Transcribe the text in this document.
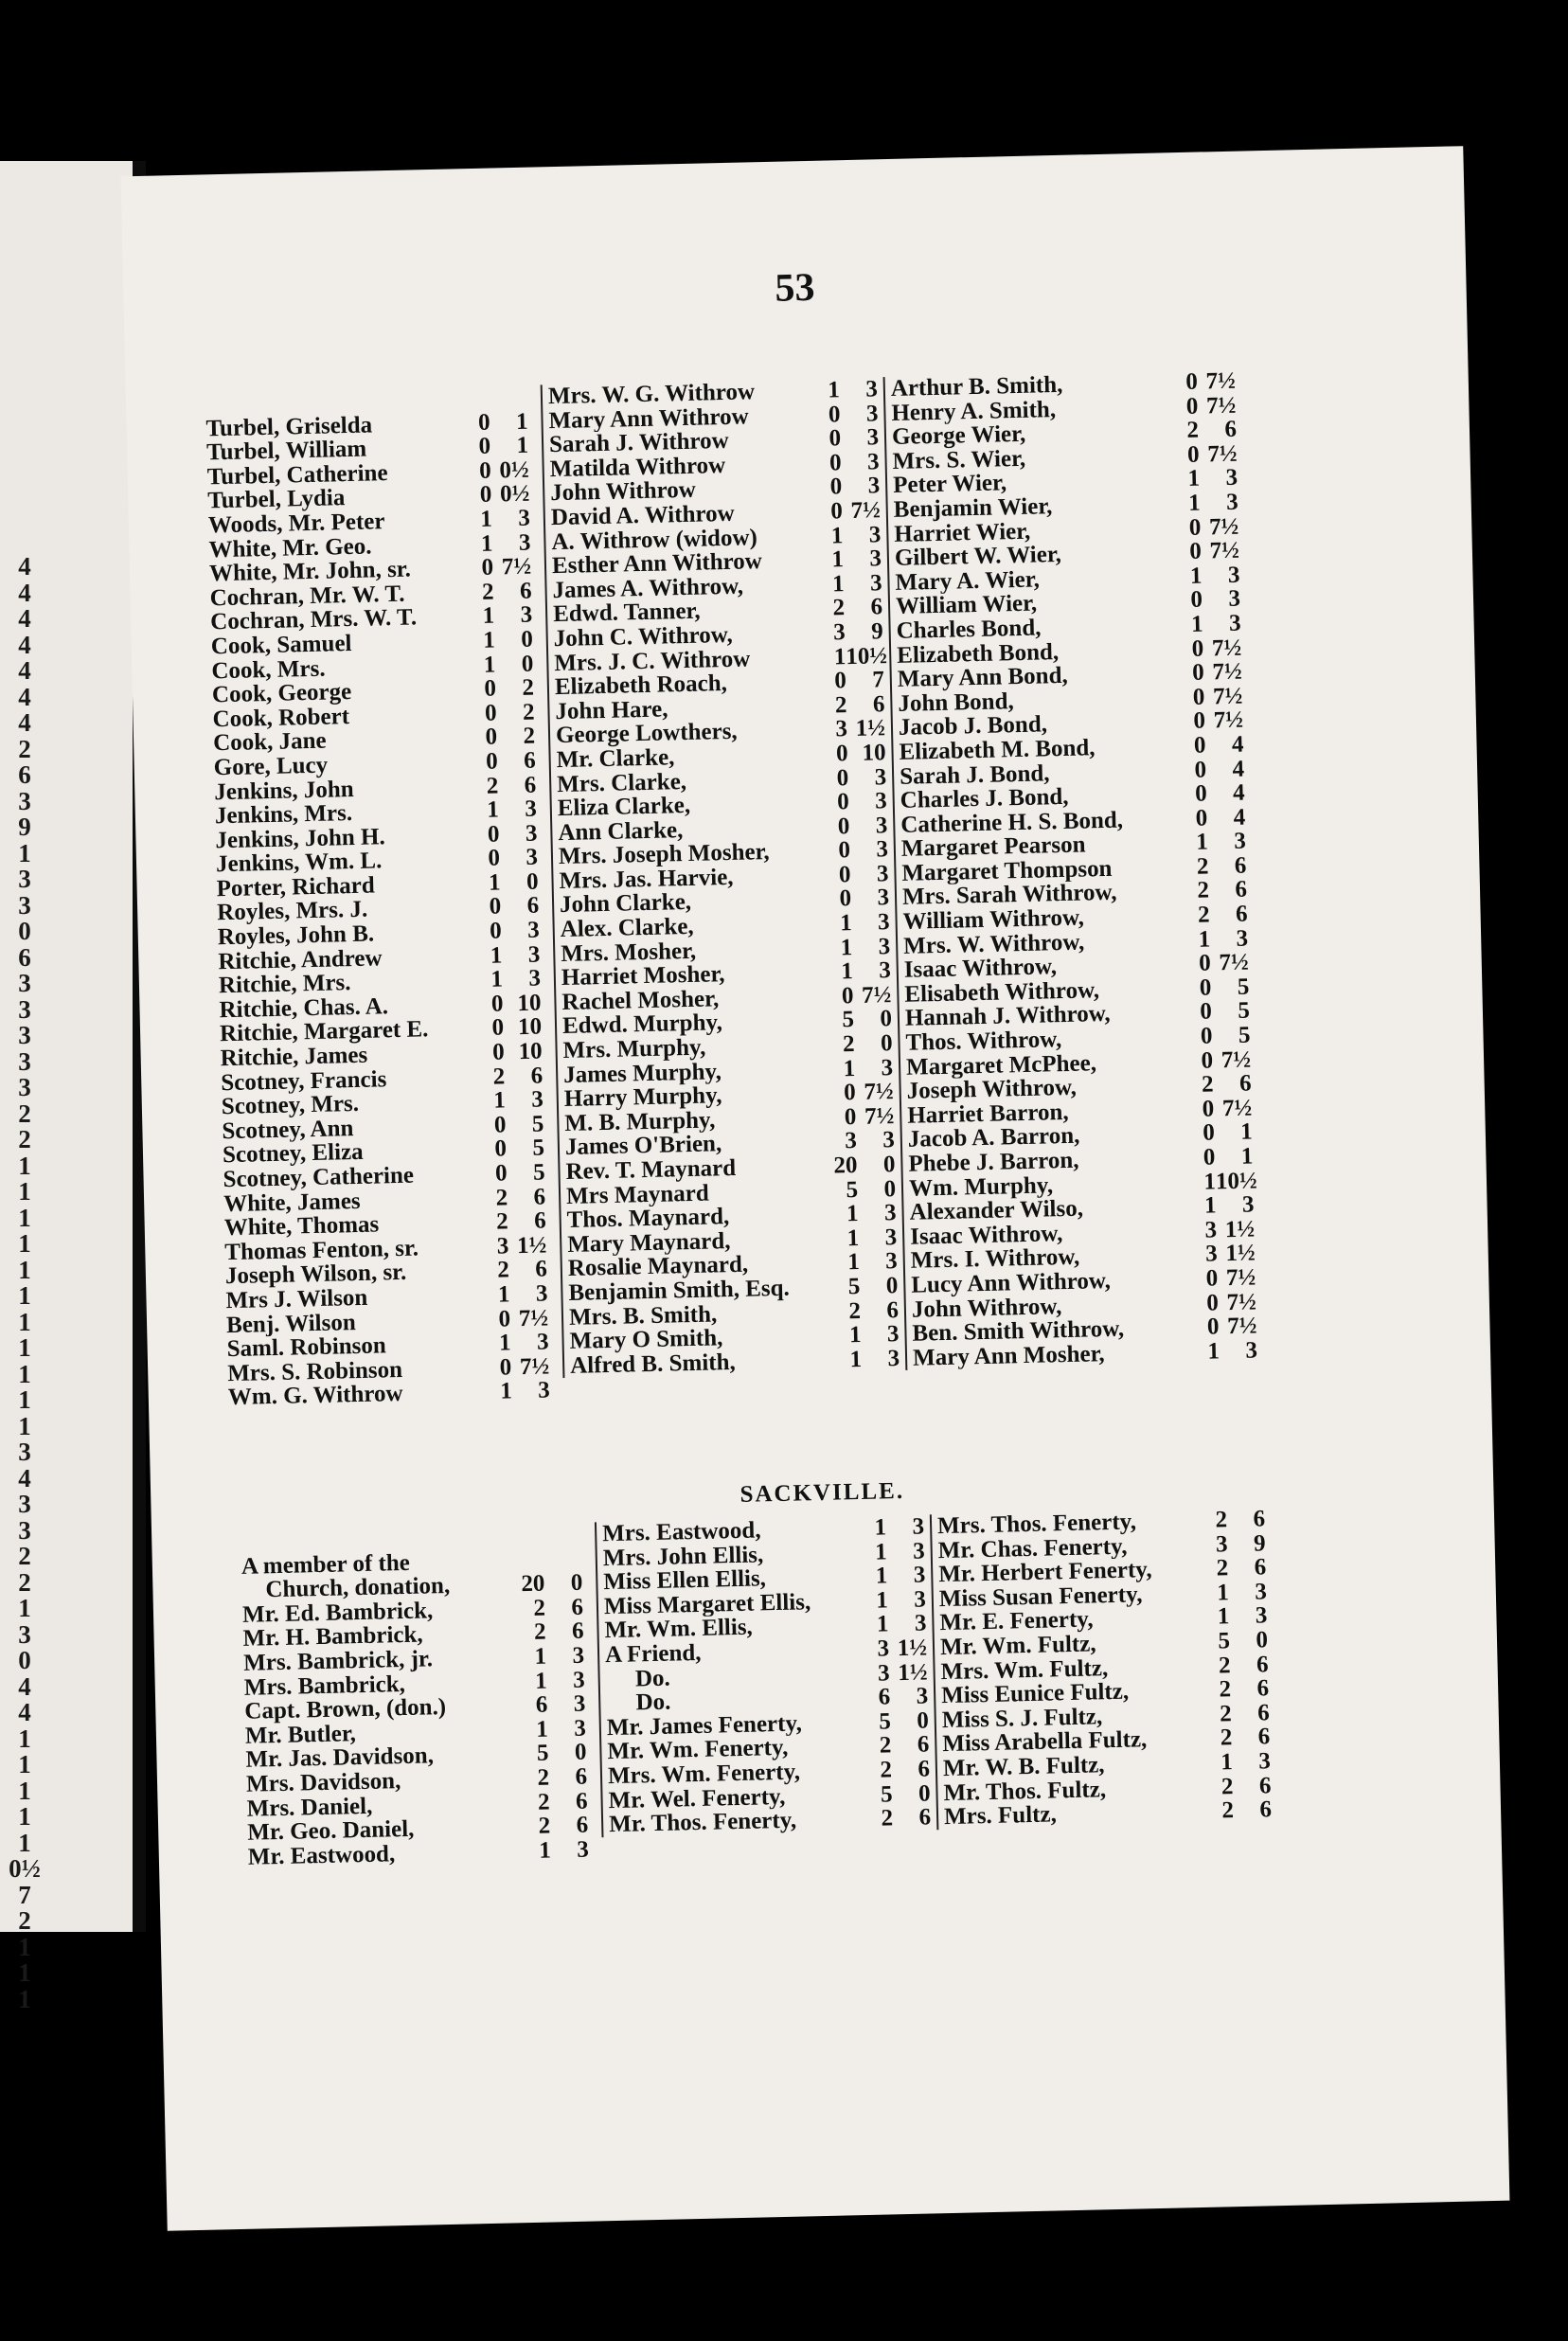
4
4
4
4
4
4
4
2
6
3
9
1
3
3
0
6
3
3
3
3
3
2
2
1
1
1
1
1
1
1
1
1
1
1
3
4
3
3
2
2
1
3
0
4
4
1
1
1
1
1
0½
7
2
1
1
1
53
Turbel, Griselda	0	1
Turbel, William	0	1
Turbel, Catherine	0 0½
Turbel, Lydia	0 0½
Woods, Mr. Peter	1	3
White, Mr. Geo.	1	3
White, Mr. John, sr.	0 7½
Cochran, Mr. W. T.	2	6
Cochran, Mrs. W. T.	1	3
Cook, Samuel	1	0
Cook, Mrs.	1	0
Cook, George	0	2
Cook, Robert	0	2
Cook, Jane	0	2
Gore, Lucy	0	6
Jenkins, John	2	6
Jenkins, Mrs.	1	3
Jenkins, John H.	0	3
Jenkins, Wm. L.	0	3
Porter, Richard	1	0
Royles, Mrs. J.	0	6
Royles, John B.	0	3
Ritchie, Andrew	1	3
Ritchie, Mrs.	1	3
Ritchie, Chas. A.	0 10
Ritchie, Margaret E.	0 10
Ritchie, James	0 10
Scotney, Francis	2	6
Scotney, Mrs.	1	3
Scotney, Ann	0	5
Scotney, Eliza	0	5
Scotney, Catherine	0	5
White, James	2	6
White, Thomas	2	6
Thomas Fenton, sr.	3 1½
Joseph Wilson, sr.	2	6
Mrs J. Wilson	1	3
Benj. Wilson	0 7½
Saml. Robinson	1	3
Mrs. S. Robinson	0 7½
Wm. G. Withrow	1	3
Mrs. W. G. Withrow	1	3
Mary Ann Withrow	0	3
Sarah J. Withrow	0	3
Matilda Withrow	0	3
John Withrow	0	3
David A. Withrow	0 7½
A. Withrow (widow)	1	3
Esther Ann Withrow	1	3
James A. Withrow,	1	3
Edwd. Tanner,	2	6
John C. Withrow,	3	9
Mrs. J. C. Withrow	1 10½
Elizabeth Roach,	0	7
John Hare,	2	6
George Lowthers,	3 1½
Mr. Clarke,	0 10
Mrs. Clarke,	0	3
Eliza Clarke,	0	3
Ann Clarke,	0	3
Mrs. Joseph Mosher,	0	3
Mrs. Jas. Harvie,	0	3
John Clarke,	0	3
Alex. Clarke,	1	3
Mrs. Mosher,	1	3
Harriet Mosher,	1	3
Rachel Mosher,	0 7½
Edwd. Murphy,	5	0
Mrs. Murphy,	2	0
James Murphy,	1	3
Harry Murphy,	0 7½
M. B. Murphy,	0 7½
James O'Brien,	3	3
Rev. T. Maynard	20	0
Mrs Maynard	5	0
Thos. Maynard,	1	3
Mary Maynard,	1	3
Rosalie Maynard,	1	3
Benjamin Smith, Esq.	5	0
Mrs. B. Smith,	2	6
Mary O Smith,	1	3
Alfred B. Smith,	1	3
Arthur B. Smith,	0 7½
Henry A. Smith,	0 7½
George Wier,	2	6
Mrs. S. Wier,	0 7½
Peter Wier,	1	3
Benjamin Wier,	1	3
Harriet Wier,	0 7½
Gilbert W. Wier,	0 7½
Mary A. Wier,	1	3
William Wier,	0	3
Charles Bond,	1	3
Elizabeth Bond,	0 7½
Mary Ann Bond,	0 7½
John Bond,	0 7½
Jacob J. Bond,	0 7½
Elizabeth M. Bond,	0	4
Sarah J. Bond,	0	4
Charles J. Bond,	0	4
Catherine H. S. Bond,	0	4
Margaret Pearson	1	3
Margaret Thompson	2	6
Mrs. Sarah Withrow,	2	6
William Withrow,	2	6
Mrs. W. Withrow,	1	3
Isaac Withrow,	0 7½
Elisabeth Withrow,	0	5
Hannah J. Withrow,	0	5
Thos. Withrow,	0	5
Margaret McPhee,	0 7½
Joseph Withrow,	2	6
Harriet Barron,	0 7½
Jacob A. Barron,	0	1
Phebe J. Barron,	0	1
Wm. Murphy,	1 10½
Alexander Wilso,	1	3
Isaac Withrow,	3 1½
Mrs. I. Withrow,	3 1½
Lucy Ann Withrow,	0 7½
John Withrow,	0 7½
Ben. Smith Withrow,	0 7½
Mary Ann Mosher,	1	3
SACKVILLE.
A member of the
Church, donation,	20	0
Mr. Ed. Bambrick,	2	6
Mr. H. Bambrick,	2	6
Mrs. Bambrick, jr.	1	3
Mrs. Bambrick,	1	3
Capt. Brown, (don.)	6	3
Mr. Butler,	1	3
Mr. Jas. Davidson,	5	0
Mrs. Davidson,	2	6
Mrs. Daniel,	2	6
Mr. Geo. Daniel,	2	6
Mr. Eastwood,	1	3
Mrs. Eastwood,	1	3
Mrs. John Ellis,	1	3
Miss Ellen Ellis,	1	3
Miss Margaret Ellis,	1	3
Mr. Wm. Ellis,	1	3
A Friend,	3 1½
Do.	3 1½
Do.	6	3
Mr. James Fenerty,	5	0
Mr. Wm. Fenerty,	2	6
Mrs. Wm. Fenerty,	2	6
Mr. Wel. Fenerty,	5	0
Mr. Thos. Fenerty,	2	6
Mrs. Thos. Fenerty,	2	6
Mr. Chas. Fenerty,	3	9
Mr. Herbert Fenerty,	2	6
Miss Susan Fenerty,	1	3
Mr. E. Fenerty,	1	3
Mr. Wm. Fultz,	5	0
Mrs. Wm. Fultz,	2	6
Miss Eunice Fultz,	2	6
Miss S. J. Fultz,	2	6
Miss Arabella Fultz,	2	6
Mr. W. B. Fultz,	1	3
Mr. Thos. Fultz,	2	6
Mrs. Fultz,	2	6
